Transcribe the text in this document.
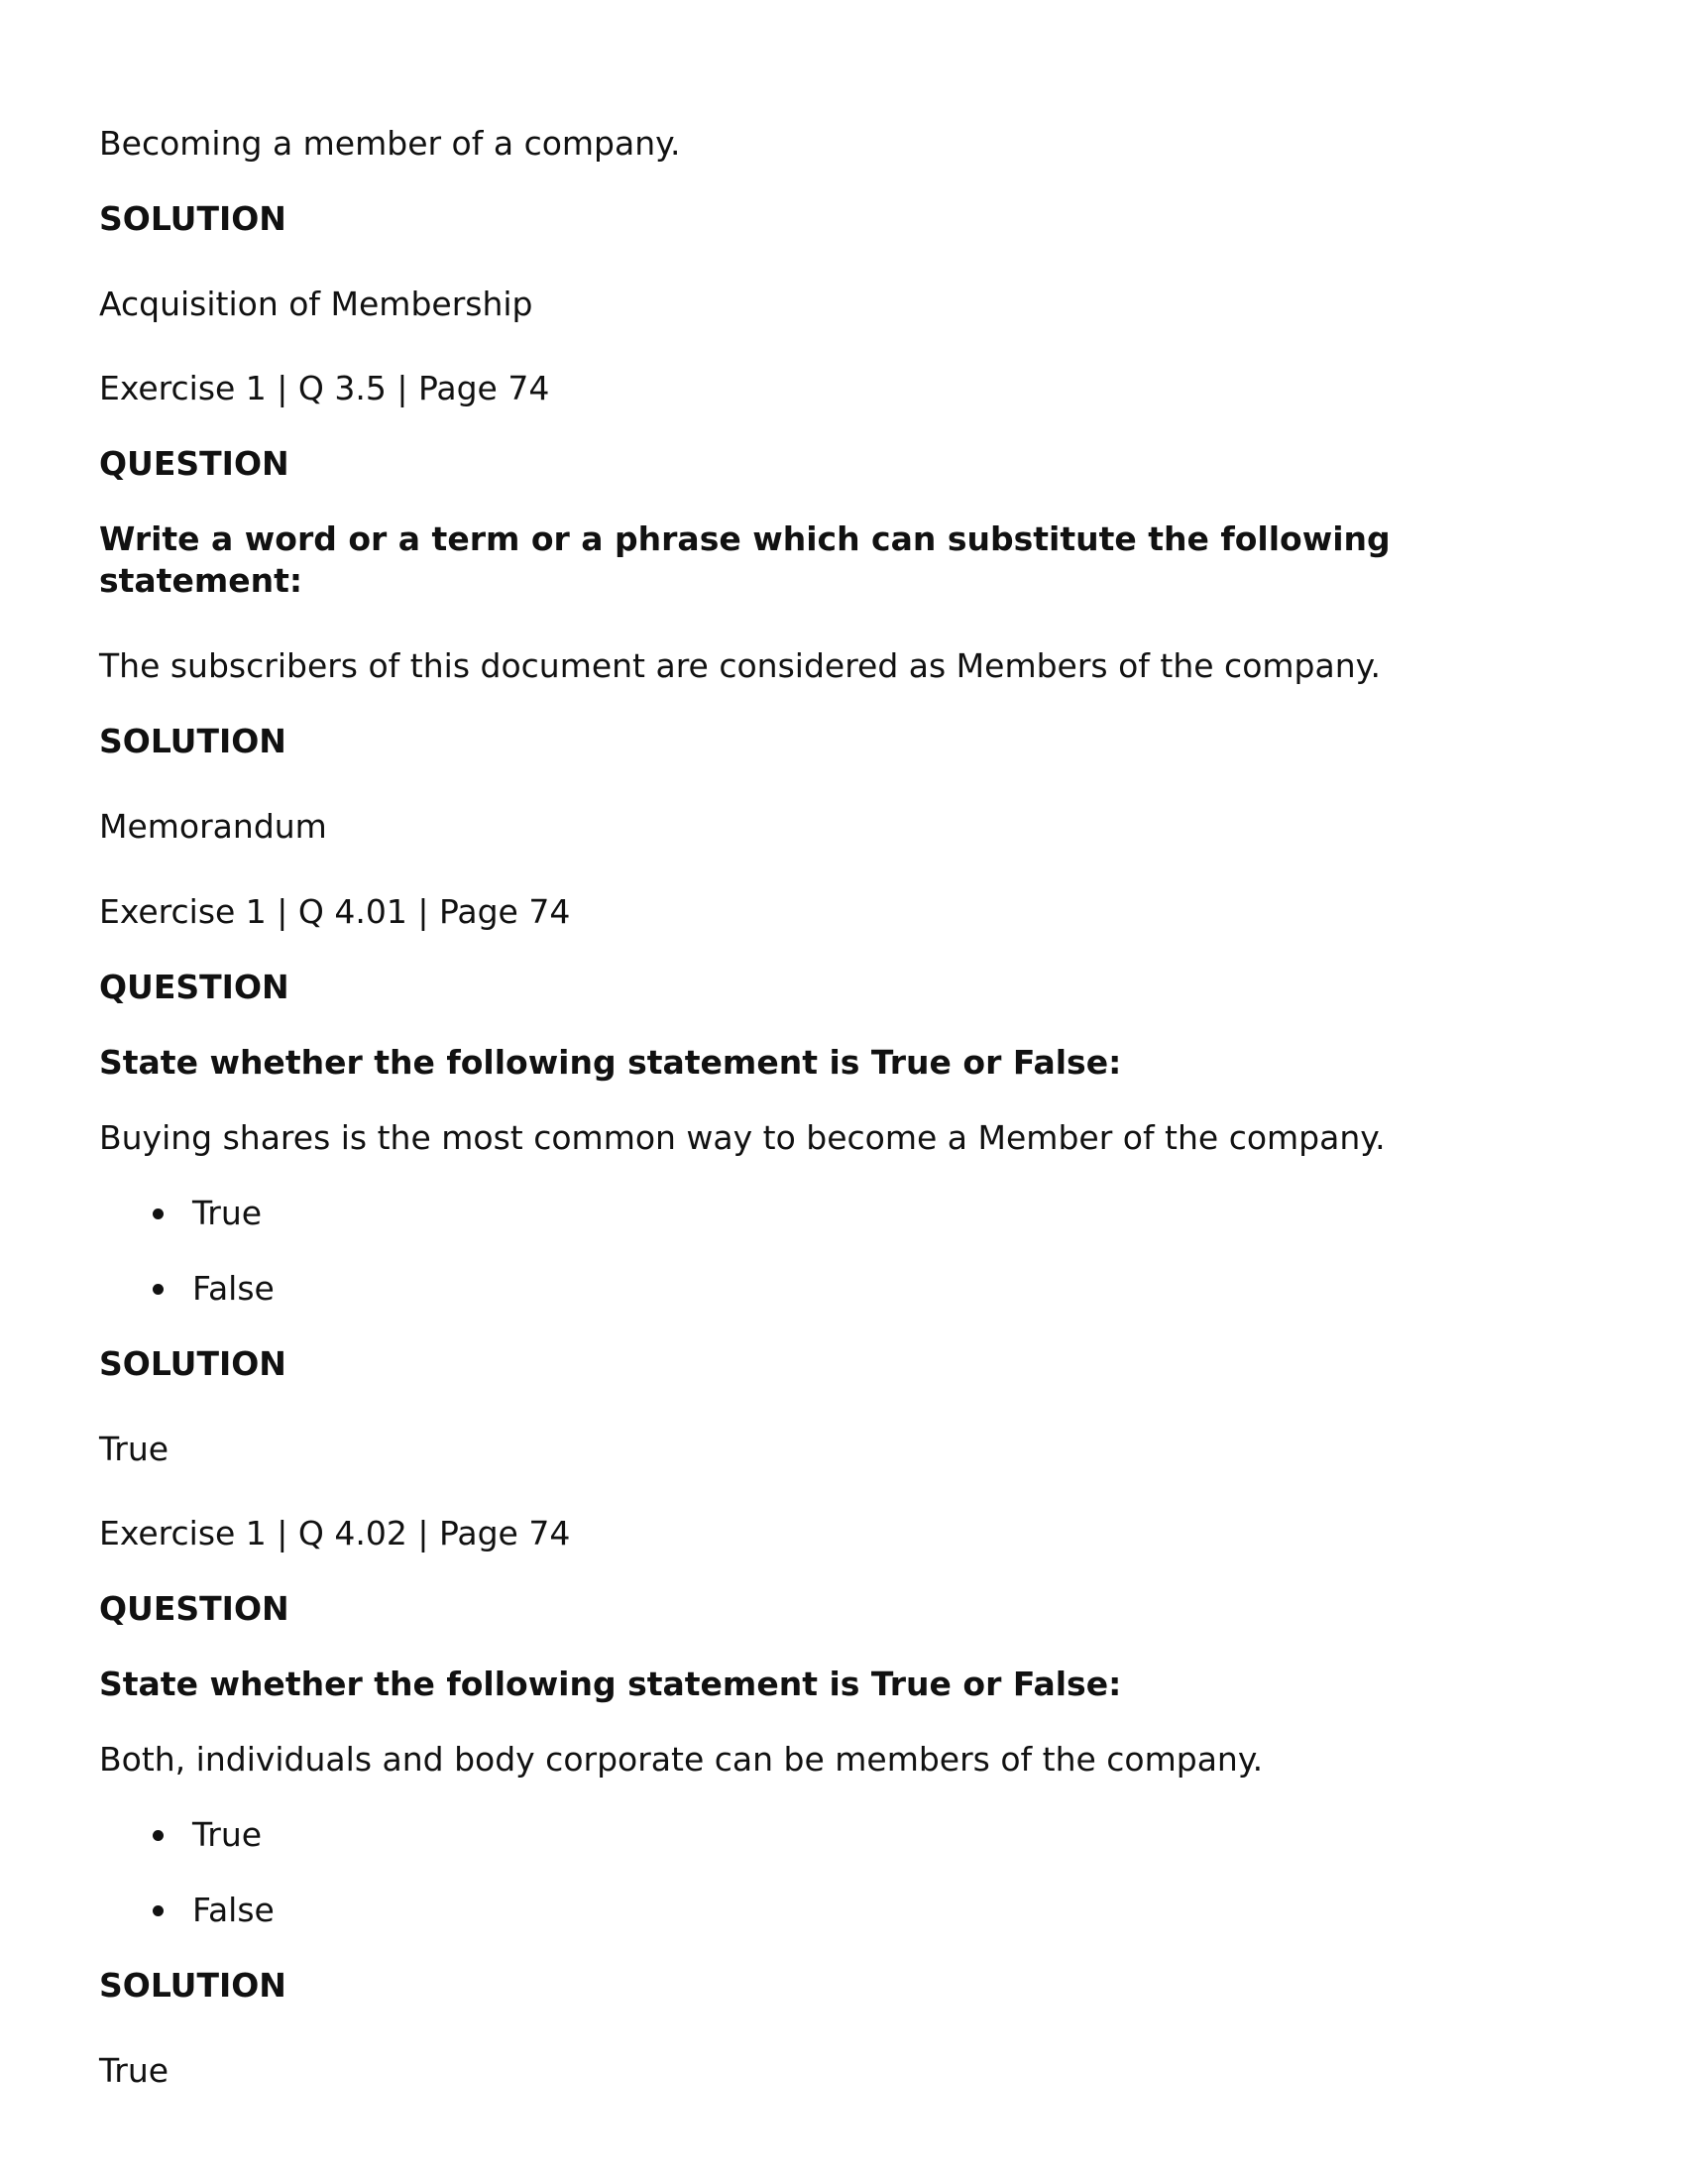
Becoming a member of a company.

SOLUTION

Acquisition of Membership

Exercise 1 | Q 3.5 | Page 74

QUESTION

Write a word or a term or a phrase which can substitute the following statement:

The subscribers of this document are considered as Members of the company.

SOLUTION

Memorandum

Exercise 1 | Q 4.01 | Page 74

QUESTION

State whether the following statement is True or False:

Buying shares is the most common way to become a Member of the company.

True
False

SOLUTION

True

Exercise 1 | Q 4.02 | Page 74

QUESTION

State whether the following statement is True or False:

Both, individuals and body corporate can be members of the company.

True
False

SOLUTION

True
